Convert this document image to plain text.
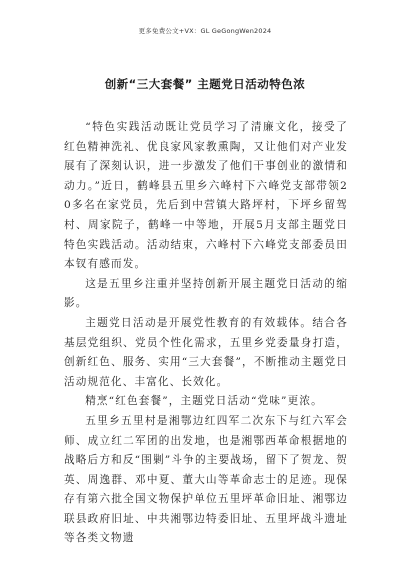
更多免费公文+VX：GL GeGongWen2024
创新“三大套餐” 主题党日活动特色浓

“特色实践活动既让党员学习了清廉文化，接受了红色精神洗礼、优良家风家教熏陶，又让他们对产业发展有了深刻认识，进一步激发了他们干事创业的激情和动力。”近日，鹤峰县五里乡六峰村下六峰党支部带领20多名在家党员，先后到中营镇大路坪村，下坪乡留驾村、周家院子，鹤峰一中等地，开展5月支部主题党日特色实践活动。活动结束，六峰村下六峰党支部委员田本钗有感而发。

这是五里乡注重并坚持创新开展主题党日活动的缩影。

主题党日活动是开展党性教育的有效载体。结合各基层党组织、党员个性化需求，五里乡党委量身打造，创新红色、服务、实用“三大套餐”，不断推动主题党日活动规范化、丰富化、长效化。

精烹“红色套餐”，主题党日活动“党味”更浓。

五里乡五里村是湘鄂边红四军二次东下与红六军会师、成立红二军团的出发地，也是湘鄂西革命根据地的战略后方和反“围剿”斗争的主要战场，留下了贺龙、贺英、周逸群、邓中夏、董大山等革命志士的足迹。现保存有第六批全国文物保护单位五里坪革命旧址、湘鄂边联县政府旧址、中共湘鄂边特委旧址、五里坪战斗遗址等各类文物遗
